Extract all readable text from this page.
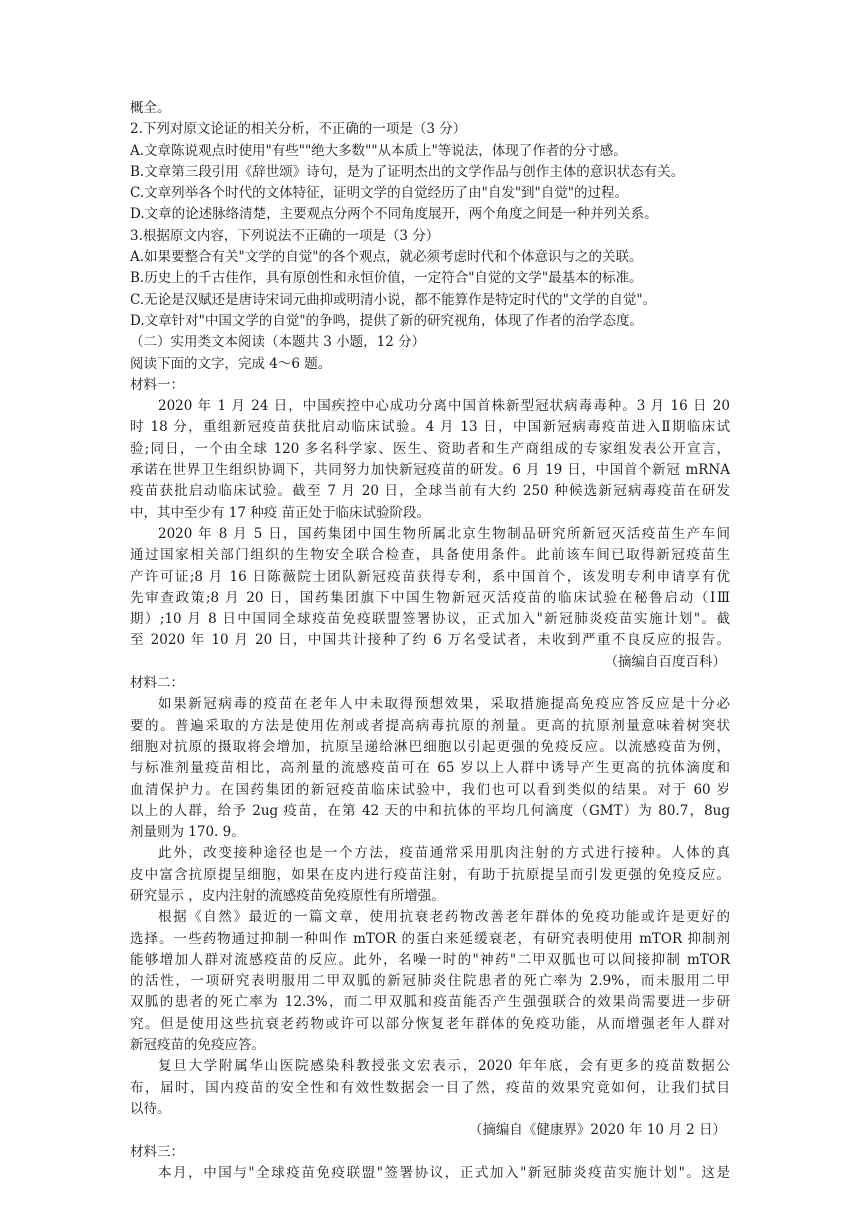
概全。
2.下列对原文论证的相关分析，不正确的一项是（3 分）
A.文章陈说观点时使用"有些""绝大多数""从本质上"等说法，体现了作者的分寸感。
B.文章第三段引用《辞世颂》诗句，是为了证明杰出的文学作品与创作主体的意识状态有关。
C.文章列举各个时代的文体特征，证明文学的自觉经历了由"自发"到"自觉"的过程。
D.文章的论述脉络清楚，主要观点分两个不同角度展开，两个角度之间是一种并列关系。
3.根据原文内容，下列说法不正确的一项是（3 分）
A.如果要整合有关"文学的自觉"的各个观点，就必须考虑时代和个体意识与之的关联。
B.历史上的千古佳作，具有原创性和永恒价值，一定符合"自觉的文学"最基本的标准。
C.无论是汉赋还是唐诗宋词元曲抑或明清小说，都不能算作是特定时代的"文学的自觉"。
D.文章针对"中国文学的自觉"的争鸣，提供了新的研究视角，体现了作者的治学态度。
（二）实用类文本阅读（本题共 3 小题，12 分）
阅读下面的文字，完成 4～6 题。
材料一：
2020 年 1 月 24 日，中国疾控中心成功分离中国首株新型冠状病毒毒种。3 月 16 日 20
时 18 分，重组新冠疫苗获批启动临床试验。4 月 13 日，中国新冠病毒疫苗进入Ⅱ期临床试
验;同日，一个由全球 120 多名科学家、医生、资助者和生产商组成的专家组发表公开宣言，
承诺在世界卫生组织协调下，共同努力加快新冠疫苗的研发。6 月 19 日，中国首个新冠 mRNA
疫苗获批启动临床试验。截至 7 月 20 日，全球当前有大约 250 种候选新冠病毒疫苗在研发
中，其中至少有 17 种疫 苗正处于临床试验阶段。
2020 年 8 月 5 日，国药集团中国生物所属北京生物制品研究所新冠灭活疫苗生产车间
通过国家相关部门组织的生物安全联合检查，具备使用条件。此前该车间已取得新冠疫苗生
产许可证;8 月 16 日陈薇院士团队新冠疫苗获得专利，系中国首个，该发明专利申请享有优
先审查政策;8 月 20 日，国药集团旗下中国生物新冠灭活疫苗的临床试验在秘鲁启动（IⅢ
期）;10 月 8 日中国同全球疫苗免疫联盟签署协议，正式加入"新冠肺炎疫苗实施计划"。截
至 2020 年 10 月 20 日，中国共计接种了约 6 万名受试者，未收到严重不良反应的报告。
（摘编自百度百科）
材料二：
如果新冠病毒的疫苗在老年人中未取得预想效果，采取措施提高免疫应答反应是十分必
要的。普遍采取的方法是使用佐剂或者提高病毒抗原的剂量。更高的抗原剂量意味着树突状
细胞对抗原的摄取将会增加，抗原呈递给淋巴细胞以引起更强的免疫反应。以流感疫苗为例，
与标准剂量疫苗相比，高剂量的流感疫苗可在 65 岁以上人群中诱导产生更高的抗体滴度和
血清保护力。在国药集团的新冠疫苗临床试验中，我们也可以看到类似的结果。对于 60 岁
以上的人群，给予 2ug 疫苗，在第 42 天的中和抗体的平均几何滴度（GMT）为 80.7，8ug
剂量则为 170. 9。
此外，改变接种途径也是一个方法，疫苗通常采用肌肉注射的方式进行接种。人体的真
皮中富含抗原提呈细胞，如果在皮内进行疫苗注射，有助于抗原提呈而引发更强的免疫反应。
研究显示 ，皮内注射的流感疫苗免疫原性有所增强。
根据《自然》最近的一篇文章，使用抗衰老药物改善老年群体的免疫功能或许是更好的
选择。一些药物通过抑制一种叫作 mTOR 的蛋白来延缓衰老，有研究表明使用 mTOR 抑制剂
能够增加人群对流感疫苗的反应。此外，名噪一时的"神药"二甲双胍也可以间接抑制 mTOR
的活性，一项研究表明服用二甲双胍的新冠肺炎住院患者的死亡率为 2.9%，而未服用二甲
双胍的患者的死亡率为 12.3%，而二甲双胍和疫苗能否产生强强联合的效果尚需要进一步研
究。但是使用这些抗衰老药物或许可以部分恢复老年群体的免疫功能，从而增强老年人群对
新冠疫苗的免疫应答。
复旦大学附属华山医院感染科教授张文宏表示，2020 年年底，会有更多的疫苗数据公
布，届时，国内疫苗的安全性和有效性数据会一目了然，疫苗的效果究竟如何，让我们拭目
以待。
（摘编自《健康界》2020 年 10 月 2 日）
材料三：
本月，中国与"全球疫苗免疫联盟"签署协议，正式加入"新冠肺炎疫苗实施计划"。这是
